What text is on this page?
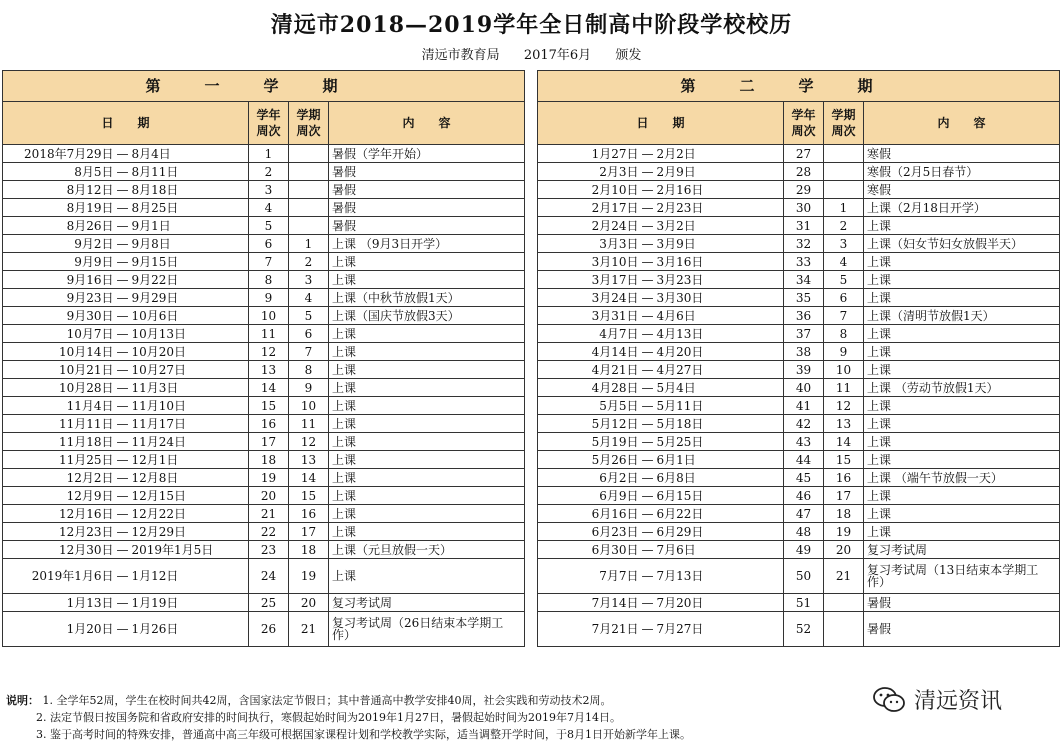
清远市2018—2019学年全日制高中阶段学校校历
清远市教育局 2017年6月 颁发
第一学期					
日　　期			学年周次	学期周次	内　　容
2018年7月29日	—	8月4日	1		暑假（学年开始）
8月5日	—	8月11日	2		暑假
8月12日	—	8月18日	3		暑假
8月19日	—	8月25日	4		暑假
8月26日	—	9月1日	5		暑假
9月2日	—	9月8日	6	1	上课 （9月3日开学）
9月9日	—	9月15日	7	2	上课
9月16日	—	9月22日	8	3	上课
9月23日	—	9月29日	9	4	上课（中秋节放假1天）
9月30日	—	10月6日	10	5	上课（国庆节放假3天）
10月7日	—	10月13日	11	6	上课
10月14日	—	10月20日	12	7	上课
10月21日	—	10月27日	13	8	上课
10月28日	—	11月3日	14	9	上课
11月4日	—	11月10日	15	10	上课
11月11日	—	11月17日	16	11	上课
11月18日	—	11月24日	17	12	上课
11月25日	—	12月1日	18	13	上课
12月2日	—	12月8日	19	14	上课
12月9日	—	12月15日	20	15	上课
12月16日	—	12月22日	21	16	上课
12月23日	—	12月29日	22	17	上课
12月30日	—	2019年1月5日	23	18	上课（元旦放假一天）
2019年1月6日	—	1月12日	24	19	上课
1月13日	—	1月19日	25	20	复习考试周
1月20日	—	1月26日	26	21	复习考试周（26日结束本学期工作）
第二学期					
日　　期			学年周次	学期周次	内　　容
1月27日	—	2月2日	27		寒假
2月3日	—	2月9日	28		寒假（2月5日春节）
2月10日	—	2月16日	29		寒假
2月17日	—	2月23日	30	1	上课（2月18日开学）
2月24日	—	3月2日	31	2	上课
3月3日	—	3月9日	32	3	上课（妇女节妇女放假半天）
3月10日	—	3月16日	33	4	上课
3月17日	—	3月23日	34	5	上课
3月24日	—	3月30日	35	6	上课
3月31日	—	4月6日	36	7	上课（清明节放假1天）
4月7日	—	4月13日	37	8	上课
4月14日	—	4月20日	38	9	上课
4月21日	—	4月27日	39	10	上课
4月28日	—	5月4日	40	11	上课 （劳动节放假1天）
5月5日	—	5月11日	41	12	上课
5月12日	—	5月18日	42	13	上课
5月19日	—	5月25日	43	14	上课
5月26日	—	6月1日	44	15	上课
6月2日	—	6月8日	45	16	上课 （端午节放假一天）
6月9日	—	6月15日	46	17	上课
6月16日	—	6月22日	47	18	上课
6月23日	—	6月29日	48	19	上课
6月30日	—	7月6日	49	20	复习考试周
7月7日	—	7月13日	50	21	复习考试周（13日结束本学期工作）
7月14日	—	7月20日	51		暑假
7月21日	—	7月27日	52		暑假
说明： 1. 全学年52周，学生在校时间共42周，含国家法定节假日；其中普通高中教学安排40周，社会实践和劳动技术2周。
2. 法定节假日按国务院和省政府安排的时间执行，寒假起始时间为2019年1月27日，暑假起始时间为2019年7月14日。
3. 鉴于高考时间的特殊安排，普通高中高三年级可根据国家课程计划和学校教学实际，适当调整开学时间，于8月1日开始新学年上课。
清远资讯
